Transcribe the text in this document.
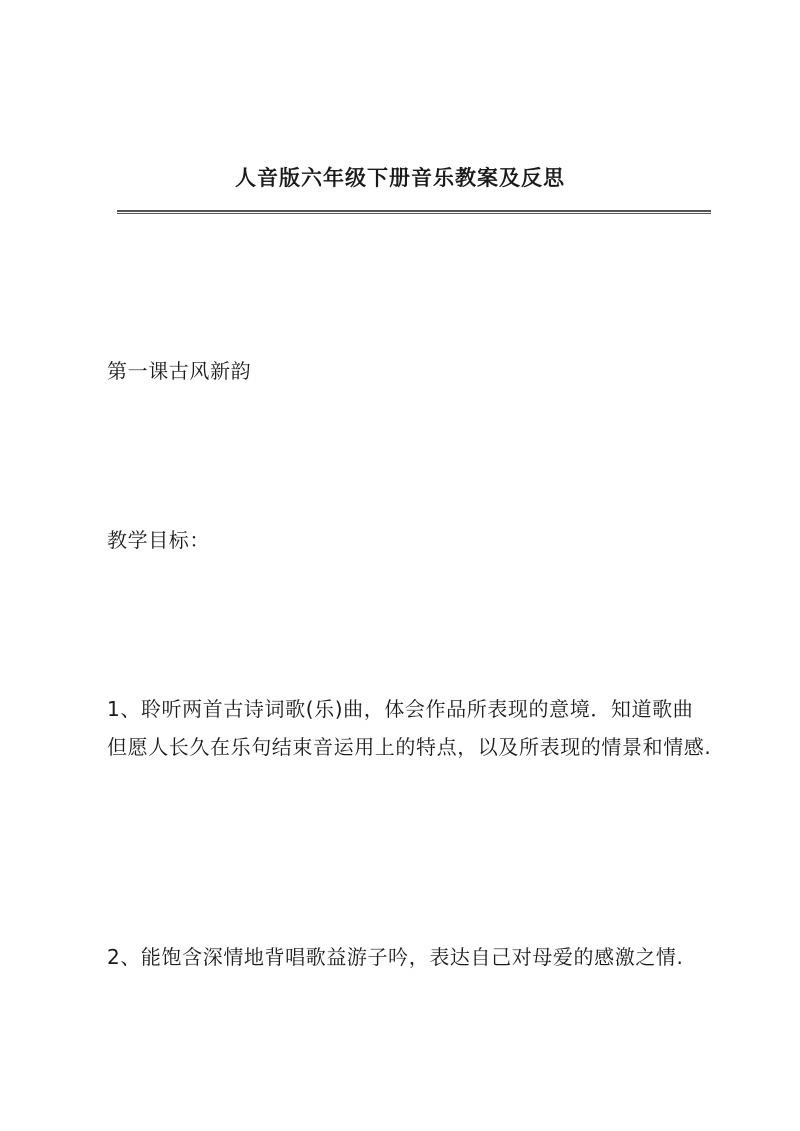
人音版六年级下册音乐教案及反思

第一课古风新韵

教学目标：

1、聆听两首古诗词歌(乐)曲，体会作品所表现的意境．知道歌曲但愿人长久在乐句结束音运用上的特点，以及所表现的情景和情感.

2、能饱含深情地背唱歌益游子吟，表达自己对母爱的感激之情.
